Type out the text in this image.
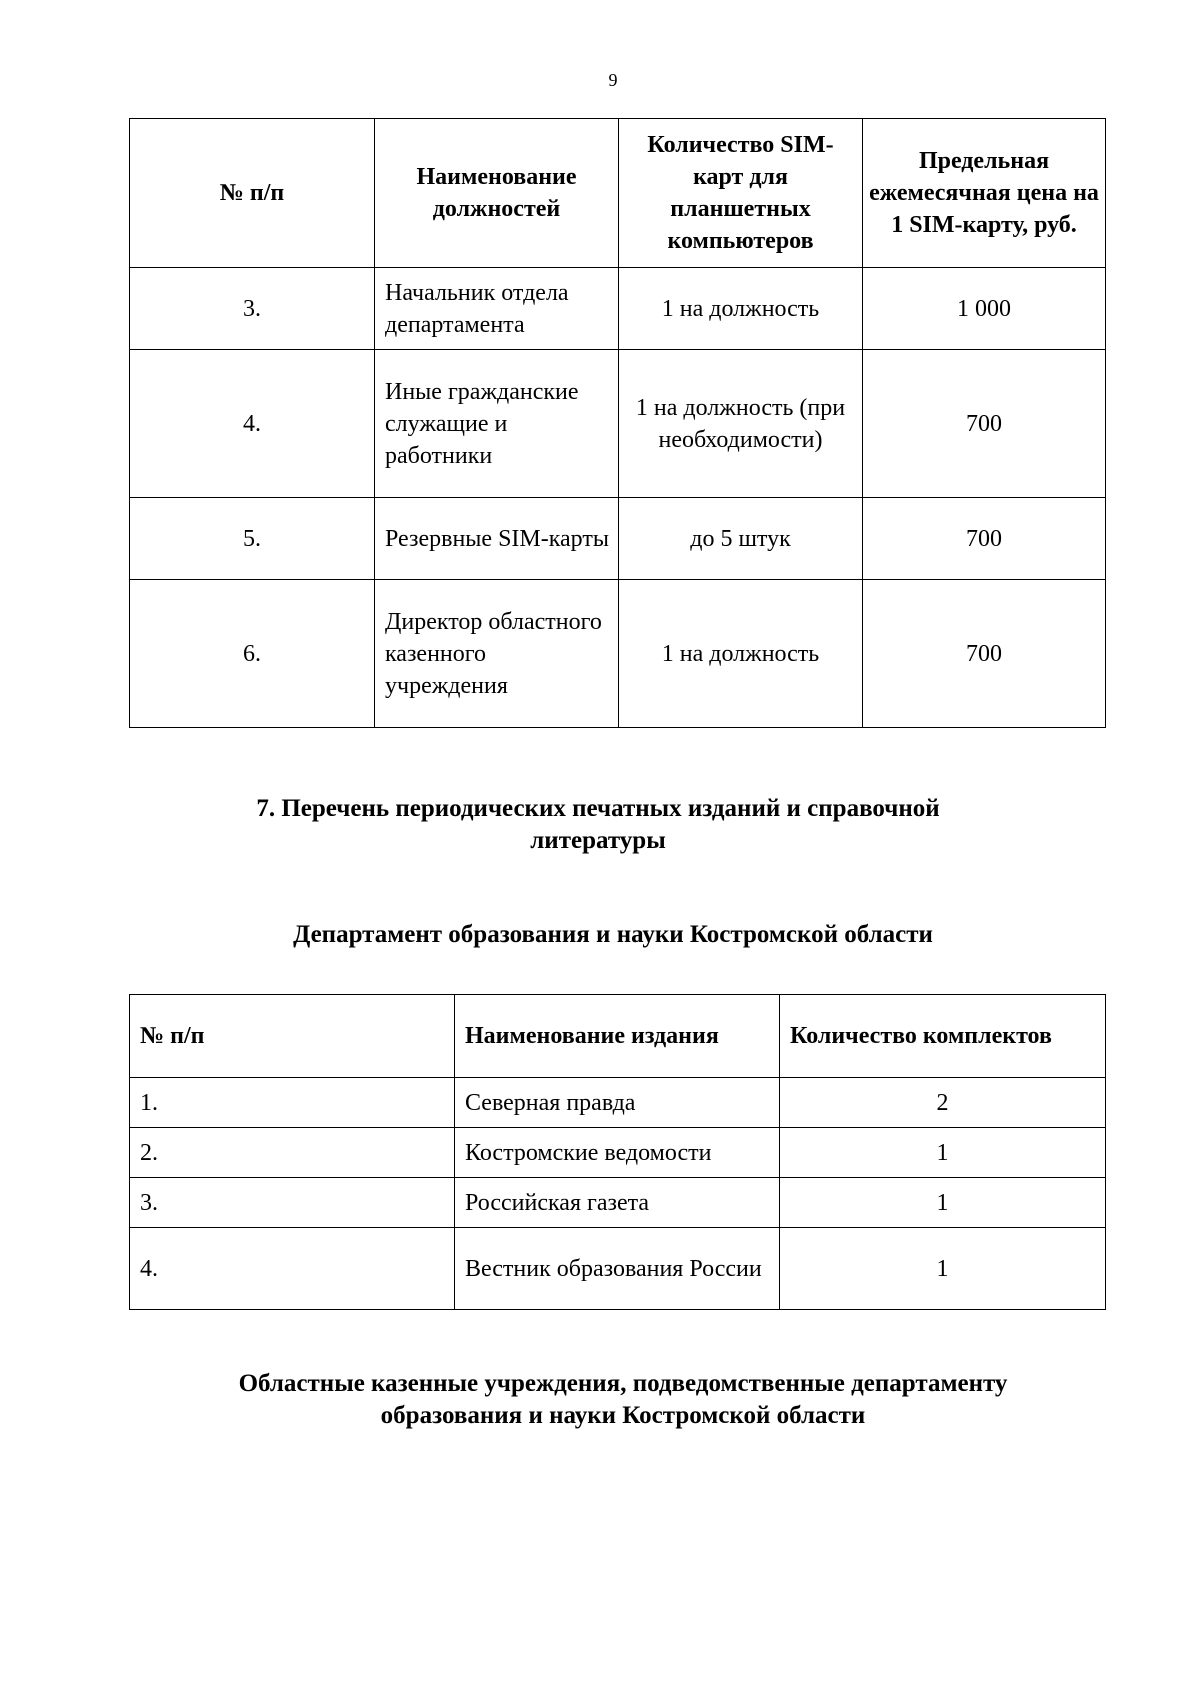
9
№ п/п	Наименование должностей	Количество SIM-карт для планшетных компьютеров	Предельная ежемесячная цена на 1 SIM-карту, руб.
3.	Начальник отдела департамента	1 на должность	1 000
4.	Иные гражданские служащие и работники	1 на должность (при необходимости)	700
5.	Резервные SIM-карты	до 5 штук	700
6.	Директор областного казенного учреждения	1 на должность	700
7. Перечень периодических печатных изданий и справочной литературы
Департамент образования и науки Костромской области
№ п/п	Наименование издания	Количество комплектов
1.	Северная правда	2
2.	Костромские ведомости	1
3.	Российская газета	1
4.	Вестник образования России	1
Областные казенные учреждения, подведомственные департаменту образования и науки Костромской области
